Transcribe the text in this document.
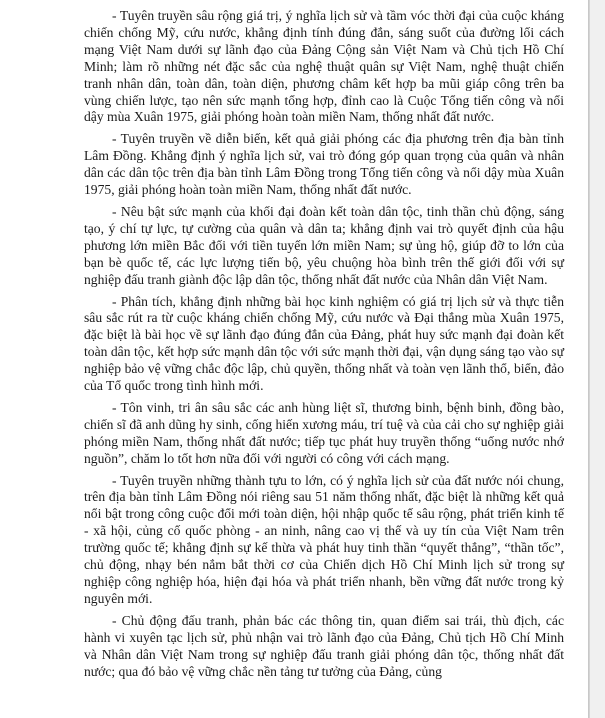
- Tuyên truyền sâu rộng giá trị, ý nghĩa lịch sử và tầm vóc thời đại của cuộc kháng chiến chống Mỹ, cứu nước, khẳng định tính đúng đắn, sáng suốt của đường lối cách mạng Việt Nam dưới sự lãnh đạo của Đảng Cộng sản Việt Nam và Chủ tịch Hồ Chí Minh; làm rõ những nét đặc sắc của nghệ thuật quân sự Việt Nam, nghệ thuật chiến tranh nhân dân, toàn dân, toàn diện, phương châm kết hợp ba mũi giáp công trên ba vùng chiến lược, tạo nên sức mạnh tổng hợp, đỉnh cao là Cuộc Tổng tiến công và nổi dậy mùa Xuân 1975, giải phóng hoàn toàn miền Nam, thống nhất đất nước.

- Tuyên truyền về diễn biến, kết quả giải phóng các địa phương trên địa bàn tỉnh Lâm Đồng. Khẳng định ý nghĩa lịch sử, vai trò đóng góp quan trọng của quân và nhân dân các dân tộc trên địa bàn tỉnh Lâm Đồng trong Tổng tiến công và nổi dậy mùa Xuân 1975, giải phóng hoàn toàn miền Nam, thống nhất đất nước.

- Nêu bật sức mạnh của khối đại đoàn kết toàn dân tộc, tinh thần chủ động, sáng tạo, ý chí tự lực, tự cường của quân và dân ta; khẳng định vai trò quyết định của hậu phương lớn miền Bắc đối với tiền tuyến lớn miền Nam; sự ủng hộ, giúp đỡ to lớn của bạn bè quốc tế, các lực lượng tiến bộ, yêu chuộng hòa bình trên thế giới đối với sự nghiệp đấu tranh giành độc lập dân tộc, thống nhất đất nước của Nhân dân Việt Nam.

- Phân tích, khẳng định những bài học kinh nghiệm có giá trị lịch sử và thực tiễn sâu sắc rút ra từ cuộc kháng chiến chống Mỹ, cứu nước và Đại thắng mùa Xuân 1975, đặc biệt là bài học về sự lãnh đạo đúng đắn của Đảng, phát huy sức mạnh đại đoàn kết toàn dân tộc, kết hợp sức mạnh dân tộc với sức mạnh thời đại, vận dụng sáng tạo vào sự nghiệp bảo vệ vững chắc độc lập, chủ quyền, thống nhất và toàn vẹn lãnh thổ, biển, đảo của Tổ quốc trong tình hình mới.

- Tôn vinh, tri ân sâu sắc các anh hùng liệt sĩ, thương binh, bệnh binh, đồng bào, chiến sĩ đã anh dũng hy sinh, cống hiến xương máu, trí tuệ và của cải cho sự nghiệp giải phóng miền Nam, thống nhất đất nước; tiếp tục phát huy truyền thống “uống nước nhớ nguồn”, chăm lo tốt hơn nữa đối với người có công với cách mạng.

- Tuyên truyền những thành tựu to lớn, có ý nghĩa lịch sử của đất nước nói chung, trên địa bàn tỉnh Lâm Đồng nói riêng sau 51 năm thống nhất, đặc biệt là những kết quả nổi bật trong công cuộc đổi mới toàn diện, hội nhập quốc tế sâu rộng, phát triển kinh tế - xã hội, củng cố quốc phòng - an ninh, nâng cao vị thế và uy tín của Việt Nam trên trường quốc tế; khẳng định sự kế thừa và phát huy tinh thần “quyết thắng”, “thần tốc”, chủ động, nhạy bén nắm bắt thời cơ của Chiến dịch Hồ Chí Minh lịch sử trong sự nghiệp công nghiệp hóa, hiện đại hóa và phát triển nhanh, bền vững đất nước trong kỷ nguyên mới.

- Chủ động đấu tranh, phản bác các thông tin, quan điểm sai trái, thù địch, các hành vi xuyên tạc lịch sử, phủ nhận vai trò lãnh đạo của Đảng, Chủ tịch Hồ Chí Minh và Nhân dân Việt Nam trong sự nghiệp đấu tranh giải phóng dân tộc, thống nhất đất nước; qua đó bảo vệ vững chắc nền tảng tư tưởng của Đảng, củng
